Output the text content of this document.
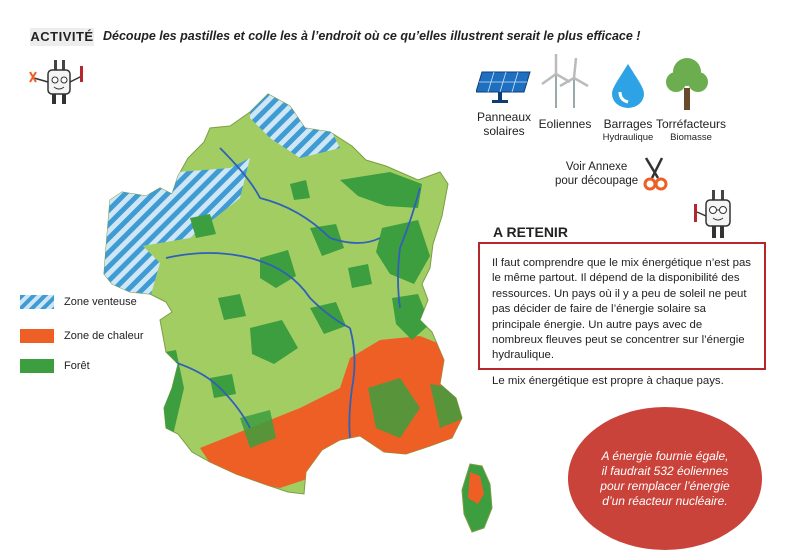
ACTIVITÉ Découpe les pastilles et colle les à l’endroit où ce qu’elles illustrent serait le plus efficace !
Panneaux solaires	Eoliennes	Barrages
Hydraulique
Torréfacteurs
Biomasse
Voir Annexe
pour découpage
A RETENIR

Il faut comprendre que le mix énergétique n’est pas le même partout. Il dépend de la disponibilité des ressources. Un pays où il y a peu de soleil ne peut pas décider de faire de l’énergie solaire sa principale énergie. Un autre pays avec de nombreux fleuves peut se concentrer sur l’énergie hydraulique.

Le mix énergétique est propre à chaque pays.

Zone venteuse
Zone de chaleur
Forêt
A énergie fournie égale, il faudrait 532 éoliennes pour remplacer l’énergie d’un réacteur nucléaire.
